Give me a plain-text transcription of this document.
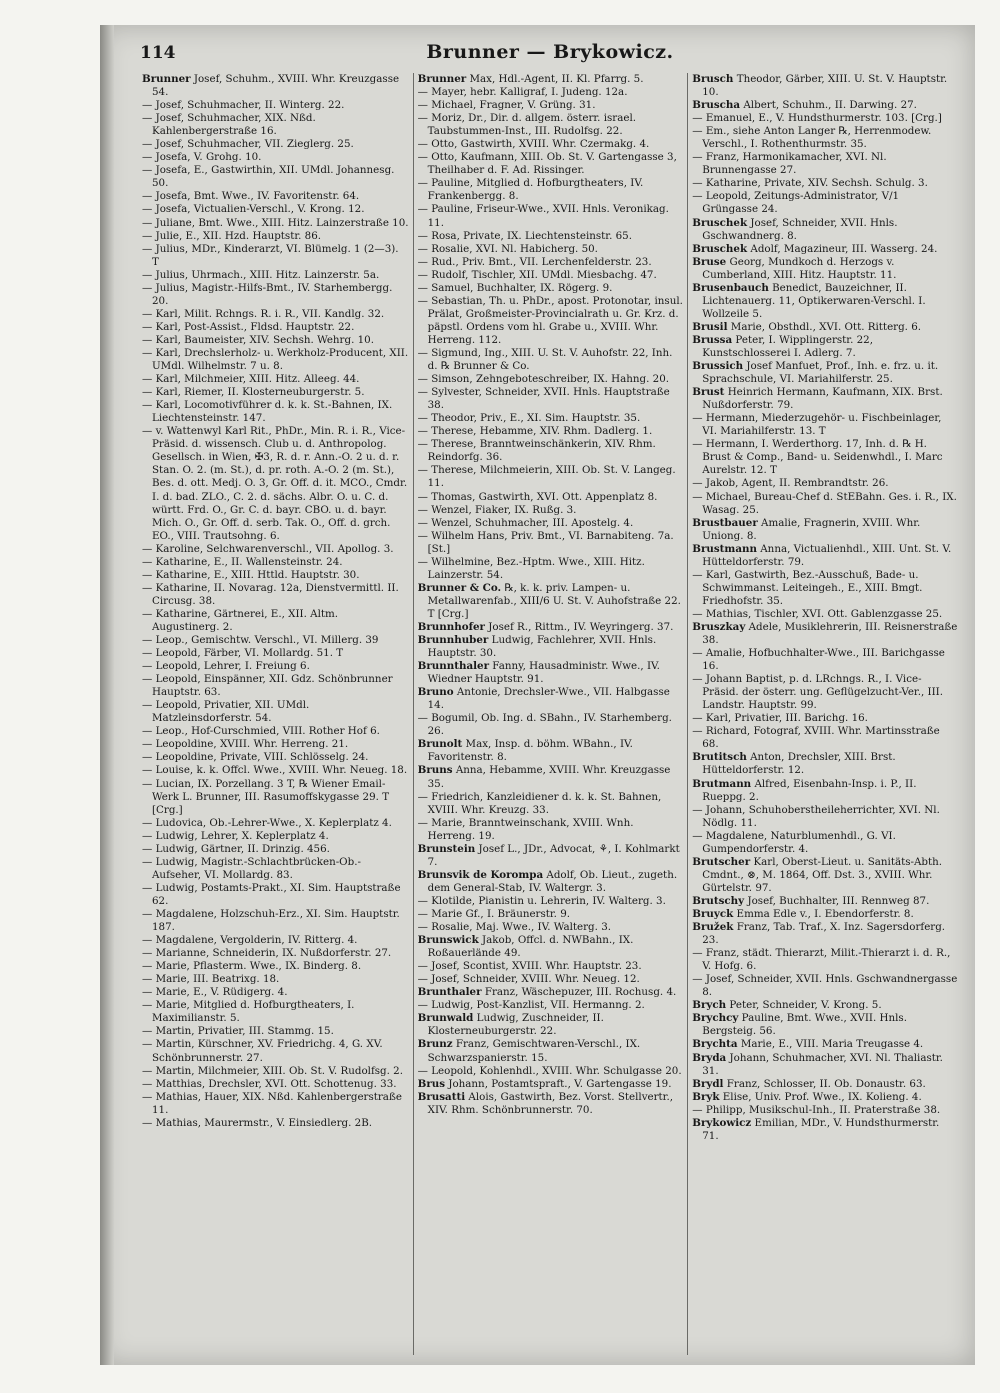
114	Brunner — Brykowicz.

Brunner Josef, Schuhm., XVIII. Whr. Kreuzgasse 54.

— Josef, Schuhmacher, II. Winterg. 22.

— Josef, Schuhmacher, XIX. Nßd. Kahlenbergerstraße 16.

— Josef, Schuhmacher, VII. Zieglerg. 25.

— Josefa, V. Grohg. 10.

— Josefa, E., Gastwirthin, XII. UMdl. Johannesg. 50.

— Josefa, Bmt. Wwe., IV. Favoritenstr. 64.

— Josefa, Victualien-Verschl., V. Krong. 12.

— Juliane, Bmt. Wwe., XIII. Hitz. Lainzerstraße 10.

— Julie, E., XII. Hzd. Hauptstr. 86.

— Julius, MDr., Kinderarzt, VI. Blümelg. 1 (2—3). T

— Julius, Uhrmach., XIII. Hitz. Lainzerstr. 5a.

— Julius, Magistr.-Hilfs-Bmt., IV. Starhembergg. 20.

— Karl, Milit. Rchngs. R. i. R., VII. Kandlg. 32.

— Karl, Post-Assist., Fldsd. Hauptstr. 22.

— Karl, Baumeister, XIV. Sechsh. Wehrg. 10.

— Karl, Drechslerholz- u. Werkholz-Producent, XII. UMdl. Wilhelmstr. 7 u. 8.

— Karl, Milchmeier, XIII. Hitz. Alleeg. 44.

— Karl, Riemer, II. Klosterneuburgerstr. 5.

— Karl, Locomotivführer d. k. k. St.-Bahnen, IX. Liechtensteinstr. 147.

— v. Wattenwyl Karl Rit., PhDr., Min. R. i. R., Vice-Präsid. d. wissensch. Club u. d. Anthropolog. Gesellsch. in Wien, ✠3, R. d. r. Ann.-O. 2 u. d. r. Stan. O. 2. (m. St.), d. pr. roth. A.-O. 2 (m. St.), Bes. d. ott. Medj. O. 3, Gr. Off. d. it. MCO., Cmdr. I. d. bad. ZLO., C. 2. d. sächs. Albr. O. u. C. d. württ. Frd. O., Gr. C. d. bayr. CBO. u. d. bayr. Mich. O., Gr. Off. d. serb. Tak. O., Off. d. grch. EO., VIII. Trautsohng. 6.

— Karoline, Selchwarenverschl., VII. Apollog. 3.

— Katharine, E., II. Wallensteinstr. 24.

— Katharine, E., XIII. Httld. Hauptstr. 30.

— Katharine, II. Novarag. 12a, Dienstvermittl. II. Circusg. 38.

— Katharine, Gärtnerei, E., XII. Altm. Augustinerg. 2.

— Leop., Gemischtw. Verschl., VI. Millerg. 39

— Leopold, Färber, VI. Mollardg. 51. T

— Leopold, Lehrer, I. Freiung 6.

— Leopold, Einspänner, XII. Gdz. Schönbrunner Hauptstr. 63.

— Leopold, Privatier, XII. UMdl. Matzleinsdorferstr. 54.

— Leop., Hof-Curschmied, VIII. Rother Hof 6.

— Leopoldine, XVIII. Whr. Herreng. 21.

— Leopoldine, Private, VIII. Schlösselg. 24.

— Louise, k. k. Offcl. Wwe., XVIII. Whr. Neueg. 18.

— Lucian, IX. Porzellang. 3 T, ℞ Wiener Email-Werk L. Brunner, III. Rasumoffskygasse 29. T [Crg.]

— Ludovica, Ob.-Lehrer-Wwe., X. Keplerplatz 4.

— Ludwig, Lehrer, X. Keplerplatz 4.

— Ludwig, Gärtner, II. Drinzig. 456.

— Ludwig, Magistr.-Schlachtbrücken-Ob.-Aufseher, VI. Mollardg. 83.

— Ludwig, Postamts-Prakt., XI. Sim. Hauptstraße 62.

— Magdalene, Holzschuh-Erz., XI. Sim. Hauptstr. 187.

— Magdalene, Vergolderin, IV. Ritterg. 4.

— Marianne, Schneiderin, IX. Nußdorferstr. 27.

— Marie, Pflasterm. Wwe., IX. Binderg. 8.

— Marie, III. Beatrixg. 18.

— Marie, E., V. Rüdigerg. 4.

— Marie, Mitglied d. Hofburgtheaters, I. Maximilianstr. 5.

— Martin, Privatier, III. Stammg. 15.

— Martin, Kürschner, XV. Friedrichg. 4, G. XV. Schönbrunnerstr. 27.

— Martin, Milchmeier, XIII. Ob. St. V. Rudolfsg. 2.

— Matthias, Drechsler, XVI. Ott. Schottenug. 33.

— Mathias, Hauer, XIX. Nßd. Kahlenbergerstraße 11.

— Mathias, Maurermstr., V. Einsiedlerg. 2B.

Brunner Max, Hdl.-Agent, II. Kl. Pfarrg. 5.

— Mayer, hebr. Kalligraf, I. Judeng. 12a.

— Michael, Fragner, V. Grüng. 31.

— Moriz, Dr., Dir. d. allgem. österr. israel. Taubstummen-Inst., III. Rudolfsg. 22.

— Otto, Gastwirth, XVIII. Whr. Czermakg. 4.

— Otto, Kaufmann, XIII. Ob. St. V. Gartengasse 3, Theilhaber d. F. Ad. Rissinger.

— Pauline, Mitglied d. Hofburgtheaters, IV. Frankenbergg. 8.

— Pauline, Friseur-Wwe., XVII. Hnls. Veronikag. 11.

— Rosa, Private, IX. Liechtensteinstr. 65.

— Rosalie, XVI. Nl. Habicherg. 50.

— Rud., Priv. Bmt., VII. Lerchenfelderstr. 23.

— Rudolf, Tischler, XII. UMdl. Miesbachg. 47.

— Samuel, Buchhalter, IX. Rögerg. 9.

— Sebastian, Th. u. PhDr., apost. Protonotar, insul. Prälat, Großmeister-Provincialrath u. Gr. Krz. d. päpstl. Ordens vom hl. Grabe u., XVIII. Whr. Herreng. 112.

— Sigmund, Ing., XIII. U. St. V. Auhofstr. 22, Inh. d. ℞ Brunner & Co.

— Simson, Zehngeboteschreiber, IX. Hahng. 20.

— Sylvester, Schneider, XVII. Hnls. Hauptstraße 38.

— Theodor, Priv., E., XI. Sim. Hauptstr. 35.

— Therese, Hebamme, XIV. Rhm. Dadlerg. 1.

— Therese, Branntweinschänkerin, XIV. Rhm. Reindorfg. 36.

— Therese, Milchmeierin, XIII. Ob. St. V. Langeg. 11.

— Thomas, Gastwirth, XVI. Ott. Appenplatz 8.

— Wenzel, Fiaker, IX. Rußg. 3.

— Wenzel, Schuhmacher, III. Apostelg. 4.

— Wilhelm Hans, Priv. Bmt., VI. Barnabiteng. 7a. [St.]

— Wilhelmine, Bez.-Hptm. Wwe., XIII. Hitz. Lainzerstr. 54.

Brunner & Co. ℞, k. k. priv. Lampen- u. Metallwarenfab., XIII/6 U. St. V. Auhofstraße 22. T [Crg.]

Brunnhofer Josef R., Rittm., IV. Weyringerg. 37.

Brunnhuber Ludwig, Fachlehrer, XVII. Hnls. Hauptstr. 30.

Brunnthaler Fanny, Hausadministr. Wwe., IV. Wiedner Hauptstr. 91.

Bruno Antonie, Drechsler-Wwe., VII. Halbgasse 14.

— Bogumil, Ob. Ing. d. SBahn., IV. Starhemberg. 26.

Brunolt Max, Insp. d. böhm. WBahn., IV. Favoritenstr. 8.

Bruns Anna, Hebamme, XVIII. Whr. Kreuzgasse 35.

— Friedrich, Kanzleidiener d. k. k. St. Bahnen, XVIII. Whr. Kreuzg. 33.

— Marie, Branntweinschank, XVIII. Wnh. Herreng. 19.

Brunstein Josef L., JDr., Advocat, ⚘, I. Kohlmarkt 7.

Brunsvik de Korompa Adolf, Ob. Lieut., zugeth. dem General-Stab, IV. Waltergr. 3.

— Klotilde, Pianistin u. Lehrerin, IV. Walterg. 3.

— Marie Gf., I. Bräunerstr. 9.

— Rosalie, Maj. Wwe., IV. Walterg. 3.

Brunswick Jakob, Offcl. d. NWBahn., IX. Roßauerlände 49.

— Josef, Scontist, XVIII. Whr. Hauptstr. 23.

— Josef, Schneider, XVIII. Whr. Neueg. 12.

Brunthaler Franz, Wäschepuzer, III. Rochusg. 4.

— Ludwig, Post-Kanzlist, VII. Hermanng. 2.

Brunwald Ludwig, Zuschneider, II. Klosterneuburgerstr. 22.

Brunz Franz, Gemischtwaren-Verschl., IX. Schwarzspanierstr. 15.

— Leopold, Kohlenhdl., XVIII. Whr. Schulgasse 20.

Brus Johann, Postamtspraft., V. Gartengasse 19.

Brusatti Alois, Gastwirth, Bez. Vorst. Stellvertr., XIV. Rhm. Schönbrunnerstr. 70.

Brusch Theodor, Gärber, XIII. U. St. V. Hauptstr. 10.

Bruscha Albert, Schuhm., II. Darwing. 27.

— Emanuel, E., V. Hundsthurmerstr. 103. [Crg.]

— Em., siehe Anton Langer ℞, Herrenmodew. Verschl., I. Rothenthurmstr. 35.

— Franz, Harmonikamacher, XVI. Nl. Brunnengasse 27.

— Katharine, Private, XIV. Sechsh. Schulg. 3.

— Leopold, Zeitungs-Administrator, V/1 Grüngasse 24.

Bruschek Josef, Schneider, XVII. Hnls. Gschwandnerg. 8.

Bruschek Adolf, Magazineur, III. Wasserg. 24.

Bruse Georg, Mundkoch d. Herzogs v. Cumberland, XIII. Hitz. Hauptstr. 11.

Brusenbauch Benedict, Bauzeichner, II. Lichtenauerg. 11, Optikerwaren-Verschl. I. Wollzeile 5.

Brusil Marie, Obsthdl., XVI. Ott. Ritterg. 6.

Brussa Peter, I. Wipplingerstr. 22, Kunstschlosserei I. Adlerg. 7.

Brussich Josef Manfuet, Prof., Inh. e. frz. u. it. Sprachschule, VI. Mariahilferstr. 25.

Brust Heinrich Hermann, Kaufmann, XIX. Brst. Nußdorferstr. 79.

— Hermann, Miederzugehör- u. Fischbeinlager, VI. Mariahilferstr. 13. T

— Hermann, I. Werderthorg. 17, Inh. d. ℞ H. Brust & Comp., Band- u. Seidenwhdl., I. Marc Aurelstr. 12. T

— Jakob, Agent, II. Rembrandtstr. 26.

— Michael, Bureau-Chef d. StEBahn. Ges. i. R., IX. Wasag. 25.

Brustbauer Amalie, Fragnerin, XVIII. Whr. Uniong. 8.

Brustmann Anna, Victualienhdl., XIII. Unt. St. V. Hütteldorferstr. 79.

— Karl, Gastwirth, Bez.-Ausschuß, Bade- u. Schwimmanst. Leiteingeh., E., XIII. Bmgt. Friedhofstr. 35.

— Mathias, Tischler, XVI. Ott. Gablenzgasse 25.

Bruszkay Adele, Musiklehrerin, III. Reisnerstraße 38.

— Amalie, Hofbuchhalter-Wwe., III. Barichgasse 16.

— Johann Baptist, p. d. LRchngs. R., I. Vice-Präsid. der österr. ung. Geflügelzucht-Ver., III. Landstr. Hauptstr. 99.

— Karl, Privatier, III. Barichg. 16.

— Richard, Fotograf, XVIII. Whr. Martinsstraße 68.

Brutitsch Anton, Drechsler, XIII. Brst. Hütteldorferstr. 12.

Brutmann Alfred, Eisenbahn-Insp. i. P., II. Rueppg. 2.

— Johann, Schuhoberstheileherrichter, XVI. Nl. Nödlg. 11.

— Magdalene, Naturblumenhdl., G. VI. Gumpendorferstr. 4.

Brutscher Karl, Oberst-Lieut. u. Sanitäts-Abth. Cmdnt., ⊗, M. 1864, Off. Dst. 3., XVIII. Whr. Gürtelstr. 97.

Brutschy Josef, Buchhalter, III. Rennweg 87.

Bruyck Emma Edle v., I. Ebendorferstr. 8.

Bružek Franz, Tab. Traf., X. Inz. Sagersdorferg. 23.

— Franz, städt. Thierarzt, Milit.-Thierarzt i. d. R., V. Hofg. 6.

— Josef, Schneider, XVII. Hnls. Gschwandnergasse 8.

Brych Peter, Schneider, V. Krong. 5.

Brychcy Pauline, Bmt. Wwe., XVII. Hnls. Bergsteig. 56.

Brychta Marie, E., VIII. Maria Treugasse 4.

Bryda Johann, Schuhmacher, XVI. Nl. Thaliastr. 31.

Brydl Franz, Schlosser, II. Ob. Donaustr. 63.

Bryk Elise, Univ. Prof. Wwe., IX. Kolieng. 4.

— Philipp, Musikschul-Inh., II. Praterstraße 38.

Brykowicz Emilian, MDr., V. Hundsthurmerstr. 71.
